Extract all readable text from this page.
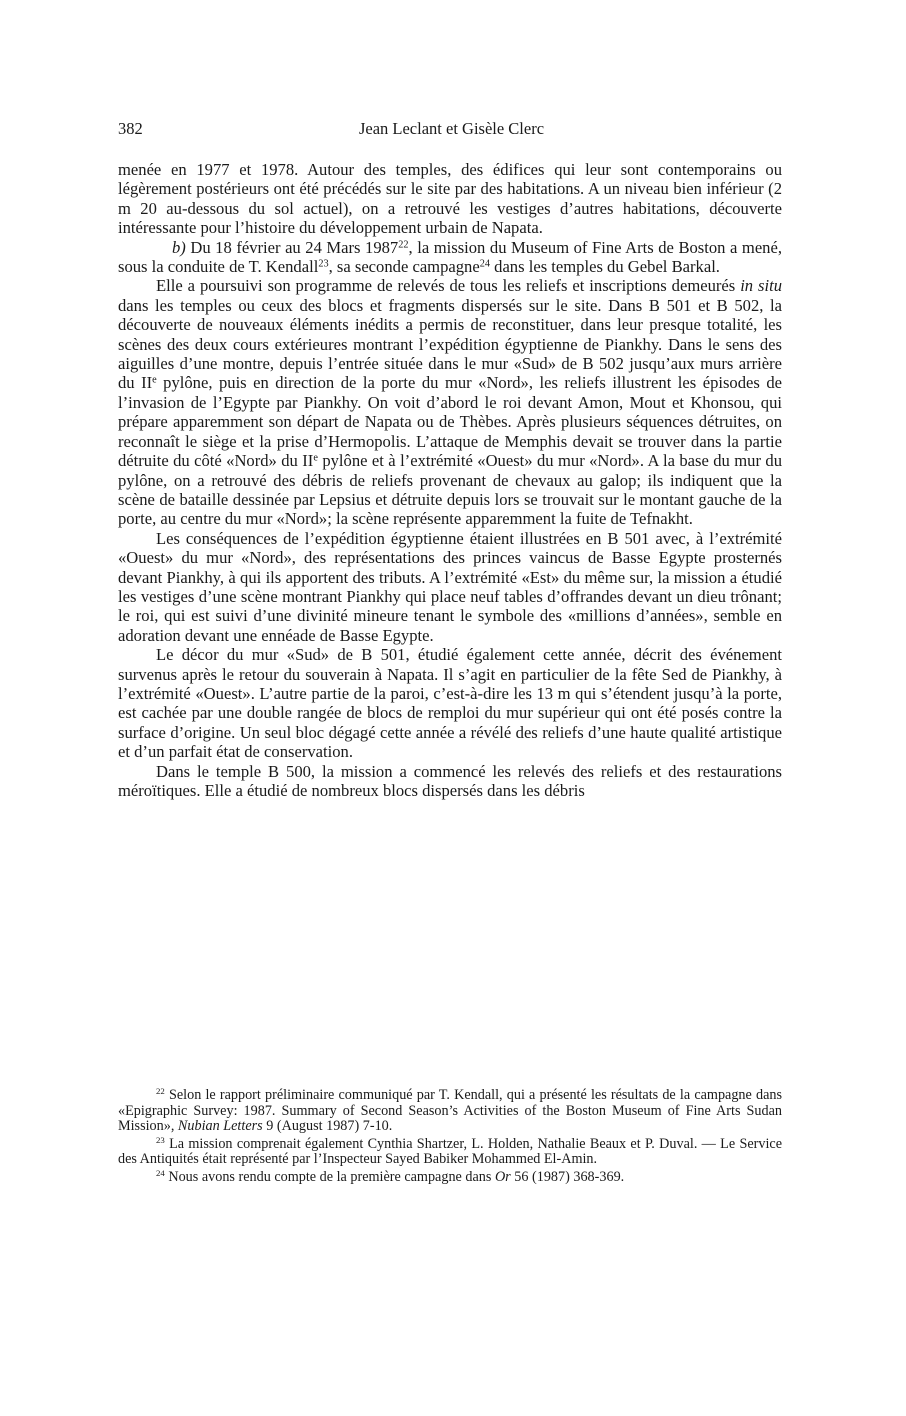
382	Jean Leclant et Gisèle Clerc

menée en 1977 et 1978. Autour des temples, des édifices qui leur sont contemporains ou légèrement postérieurs ont été précédés sur le site par des habitations. A un niveau bien inférieur (2 m 20 au-dessous du sol actuel), on a retrouvé les vestiges d’autres habitations, découverte intéressante pour l’histoire du développement urbain de Napata.

b) Du 18 février au 24 Mars 1987$^{22}$, la mission du Museum of Fine Arts de Boston a mené, sous la conduite de T. Kendall$^{23}$, sa seconde campagne$^{24}$ dans les temples du Gebel Barkal.

Elle a poursuivi son programme de relevés de tous les reliefs et inscriptions demeurés in situ dans les temples ou ceux des blocs et fragments dispersés sur le site. Dans B 501 et B 502, la découverte de nouveaux éléments inédits a permis de reconstituer, dans leur presque totalité, les scènes des deux cours extérieures montrant l’expédition égyptienne de Piankhy. Dans le sens des aiguilles d’une montre, depuis l’entrée située dans le mur «Sud» de B 502 jusqu’aux murs arrière du IIe pylône, puis en direction de la porte du mur «Nord», les reliefs illustrent les épisodes de l’invasion de l’Egypte par Piankhy. On voit d’abord le roi devant Amon, Mout et Khonsou, qui prépare apparemment son départ de Napata ou de Thèbes. Après plusieurs séquences détruites, on reconnaît le siège et la prise d’Hermopolis. L’attaque de Memphis devait se trouver dans la partie détruite du côté «Nord» du IIe pylône et à l’extrémité «Ouest» du mur «Nord». A la base du mur du pylône, on a retrouvé des débris de reliefs provenant de chevaux au galop; ils indiquent que la scène de bataille dessinée par Lepsius et détruite depuis lors se trouvait sur le montant gauche de la porte, au centre du mur «Nord»; la scène représente apparemment la fuite de Tefnakht.

Les conséquences de l’expédition égyptienne étaient illustrées en B 501 avec, à l’extrémité «Ouest» du mur «Nord», des représentations des princes vaincus de Basse Egypte prosternés devant Piankhy, à qui ils apportent des tributs. A l’extrémité «Est» du même sur, la mission a étudié les vestiges d’une scène montrant Piankhy qui place neuf tables d’offrandes devant un dieu trônant; le roi, qui est suivi d’une divinité mineure tenant le symbole des «millions d’années», semble en adoration devant une ennéade de Basse Egypte.

Le décor du mur «Sud» de B 501, étudié également cette année, décrit des événement survenus après le retour du souverain à Napata. Il s’agit en particulier de la fête Sed de Piankhy, à l’extrémité «Ouest». L’autre partie de la paroi, c’est-à-dire les 13 m qui s’étendent jusqu’à la porte, est cachée par une double rangée de blocs de remploi du mur supérieur qui ont été posés contre la surface d’origine. Un seul bloc dégagé cette année a révélé des reliefs d’une haute qualité artistique et d’un parfait état de conservation.

Dans le temple B 500, la mission a commencé les relevés des reliefs et des restaurations méroïtiques. Elle a étudié de nombreux blocs dispersés dans les débris

$^{22}$ Selon le rapport préliminaire communiqué par T. Kendall, qui a présenté les résultats de la campagne dans «Epigraphic Survey: 1987. Summary of Second Season’s Activities of the Boston Museum of Fine Arts Sudan Mission», Nubian Letters 9 (August 1987) 7-10.

$^{23}$ La mission comprenait également Cynthia Shartzer, L. Holden, Nathalie Beaux et P. Duval. — Le Service des Antiquités était représenté par l’Inspecteur Sayed Babiker Mohammed El-Amin.

$^{24}$ Nous avons rendu compte de la première campagne dans Or 56 (1987) 368-369.
